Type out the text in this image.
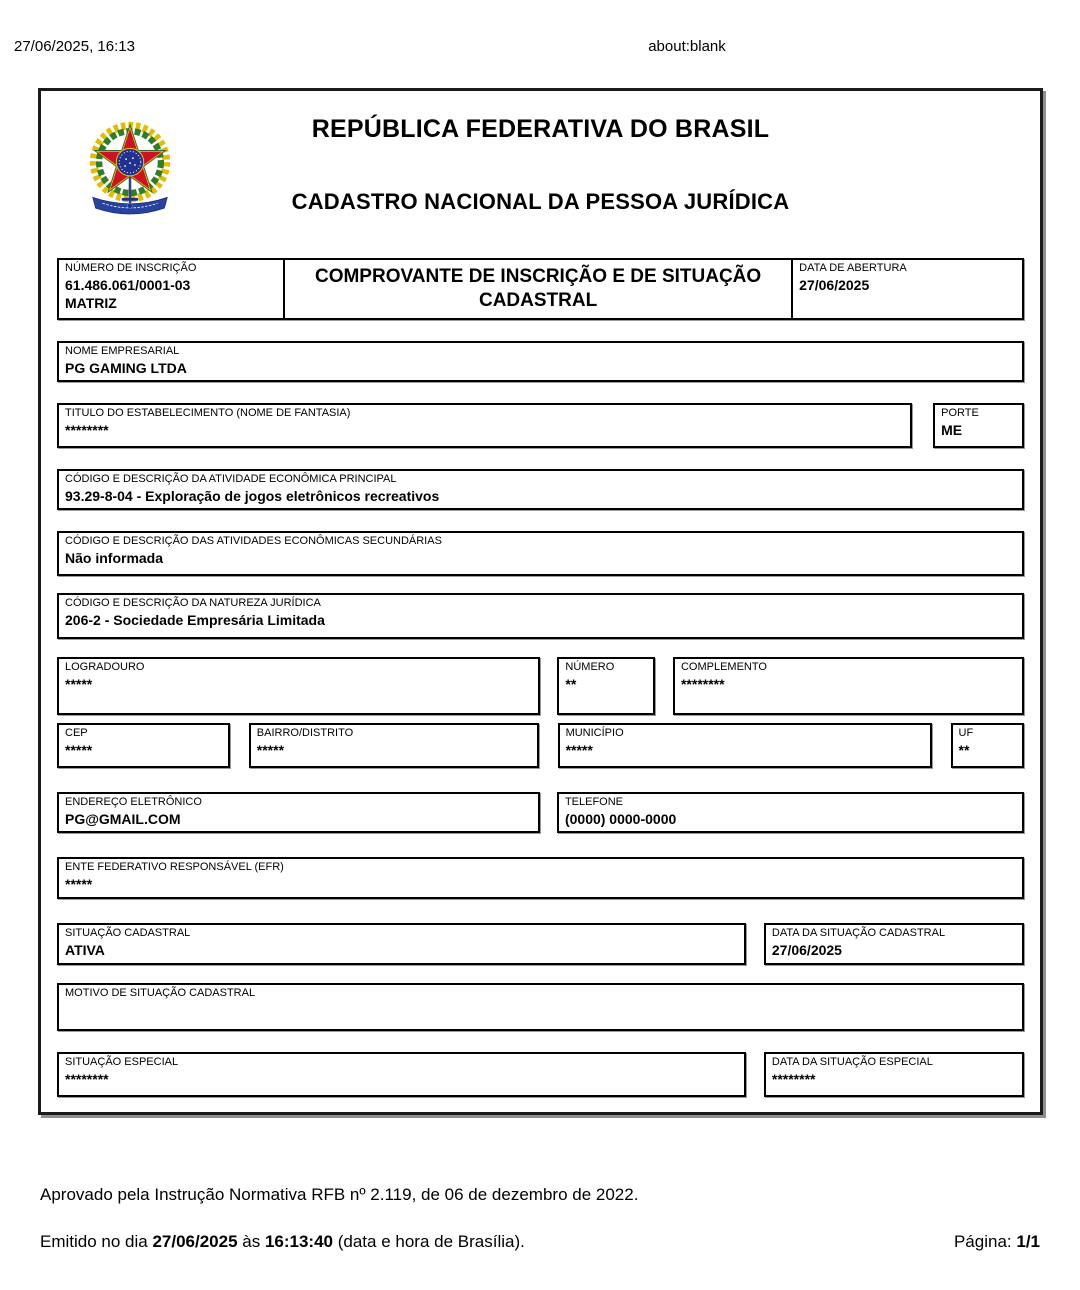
27/06/2025, 16:13	about:blank
REPÚBLICA FEDERATIVA DO BRASIL
CADASTRO NACIONAL DA PESSOA JURÍDICA
NÚMERO DE INSCRIÇÃO
61.486.061/0001-03
MATRIZ
COMPROVANTE DE INSCRIÇÃO E DE SITUAÇÃO CADASTRAL
DATA DE ABERTURA
27/06/2025
NOME EMPRESARIAL
PG GAMING LTDA
TITULO DO ESTABELECIMENTO (NOME DE FANTASIA)
********
PORTE
ME
CÓDIGO E DESCRIÇÃO DA ATIVIDADE ECONÔMICA PRINCIPAL
93.29-8-04 - Exploração de jogos eletrônicos recreativos
CÓDIGO E DESCRIÇÃO DAS ATIVIDADES ECONÔMICAS SECUNDÁRIAS
Não informada
CÓDIGO E DESCRIÇÃO DA NATUREZA JURÍDICA
206-2 - Sociedade Empresária Limitada
LOGRADOURO
*****
NÚMERO
**
COMPLEMENTO
********
CEP
*****
BAIRRO/DISTRITO
*****
MUNICÍPIO
*****
UF
**
ENDEREÇO ELETRÔNICO
PG@GMAIL.COM
TELEFONE
(0000) 0000-0000
ENTE FEDERATIVO RESPONSÁVEL (EFR)
*****
SITUAÇÃO CADASTRAL
ATIVA
DATA DA SITUAÇÃO CADASTRAL
27/06/2025
MOTIVO DE SITUAÇÃO CADASTRAL
SITUAÇÃO ESPECIAL
********
DATA DA SITUAÇÃO ESPECIAL
********
Aprovado pela Instrução Normativa RFB nº 2.119, de 06 de dezembro de 2022.
Emitido no dia 27/06/2025 às 16:13:40 (data e hora de Brasília).	Página: 1/1
